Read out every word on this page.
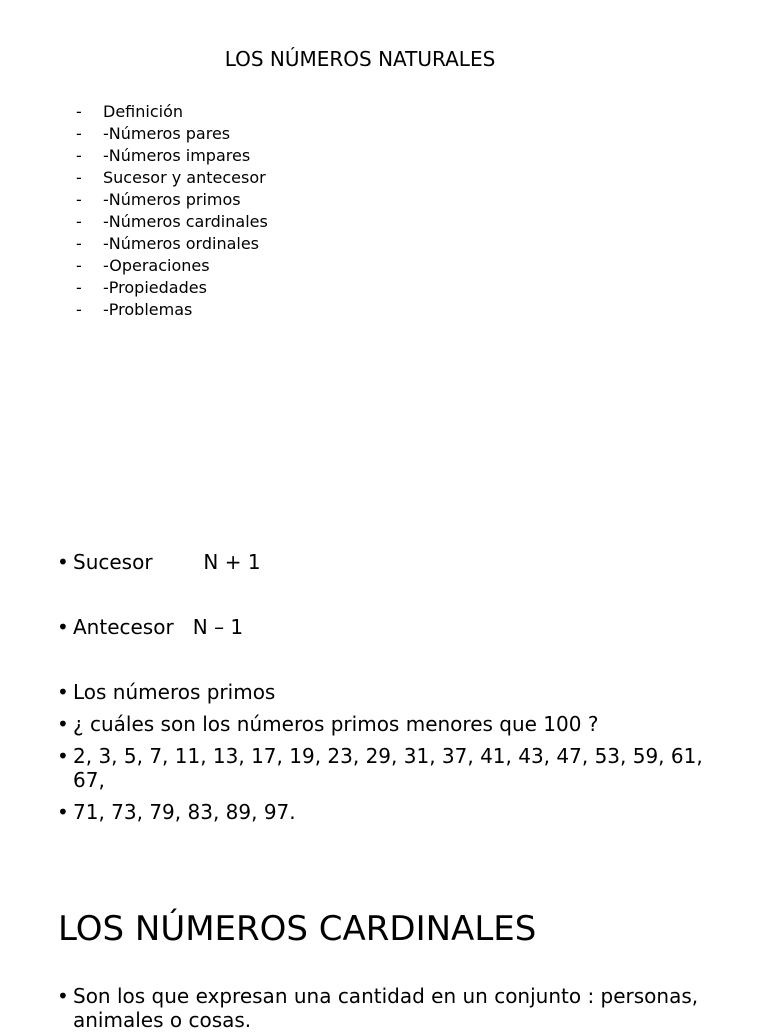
LOS NÚMEROS NATURALES
-	Definición
-	-Números pares
-	-Números impares
-	Sucesor y antecesor
-	-Números primos
-	-Números cardinales
-	-Números ordinales
-	-Operaciones
-	-Propiedades
-	-Problemas
• Sucesor        N + 1
• Antecesor   N – 1
• Los números primos
• ¿ cuáles son los números primos menores que 100 ?
• 2, 3, 5, 7, 11, 13, 17, 19, 23, 29, 31, 37, 41, 43, 47, 53, 59, 61, 67,
• 71, 73, 79, 83, 89, 97.
LOS NÚMEROS CARDINALES
• Son los que expresan una cantidad en un conjunto : personas, animales o cosas.
